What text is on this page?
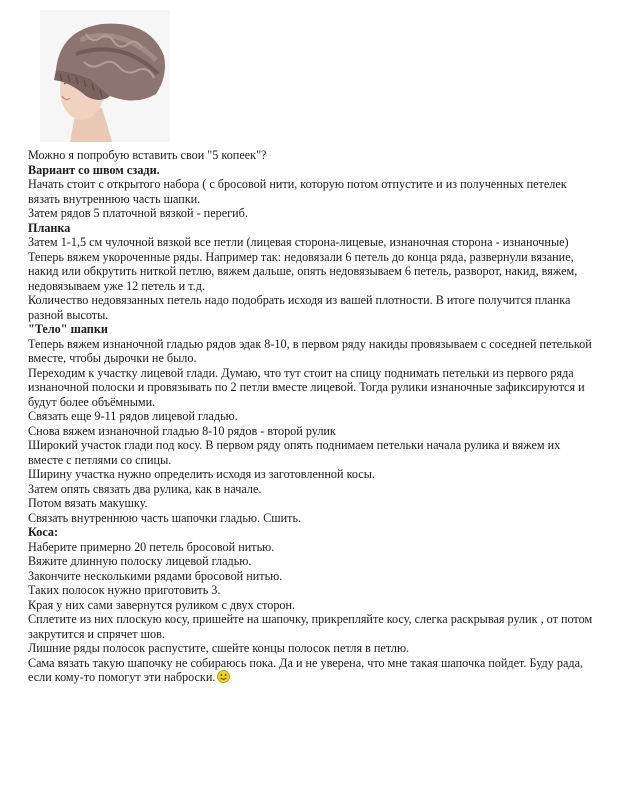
Можно я попробую вставить свои "5 копеек"?

Вариант со швом сзади.

Начать стоит с открытого набора ( с бросовой нити, которую потом отпустите и из полученных петелек вязать внутреннюю часть шапки.

Затем рядов 5 платочной вязкой - перегиб.

Планка

Затем 1-1,5 см чулочной вязкой все петли (лицевая сторона-лицевые, изнаночная сторона - изнаночные)

Теперь вяжем укороченные ряды. Например так: недовязали 6 петель до конца ряда, развернули вязание, накид или обкрутить ниткой петлю, вяжем дальше, опять недовязываем 6 петель, разворот, накид, вяжем, недовязываем уже 12 петель и т.д.

Количество недовязанных петель надо подобрать исходя из вашей плотности. В итоге получится планка разной высоты.

"Тело" шапки

Теперь вяжем изнаночной гладью рядов эдак 8-10, в первом ряду накиды провязываем с соседней петелькой вместе, чтобы дырочки не было.

Переходим к участку лицевой глади. Думаю, что тут стоит на спицу поднимать петельки из первого ряда изнаночной полоски и провязывать по 2 петли вместе лицевой. Тогда рулики изнаночные зафиксируются и будут более объёмными.

Связать еще 9-11 рядов лицевой гладью.

Снова вяжем изнаночной гладью 8-10 рядов - второй рулик

Широкий участок глади под косу. В первом ряду опять поднимаем петельки начала рулика и вяжем их вместе с петлями со спицы.

Ширину участка нужно определить исходя из заготовленной косы.

Затем опять связать два рулика, как в начале.

Потом вязать макушку.

Связать внутреннюю часть шапочки гладью. Сшить.

Коса:

Наберите примерно 20 петель бросовой нитью.

Вяжите длинную полоску лицевой гладью.

Закончите несколькими рядами бросовой нитью.

Таких полосок нужно приготовить 3.

Края у них сами завернутся руликом с двух сторон.

Сплетите из них плоскую косу, пришейте на шапочку, прикрепляйте косу, слегка раскрывая рулик , от потом закрутится и спрячет шов.

Лишние ряды полосок распустите, сшейте концы полосок петля в петлю.

Сама вязать такую шапочку не собираюсь пока. Да и не уверена, что мне такая шапочка пойдет. Буду рада, если кому-то помогут эти наброски.
